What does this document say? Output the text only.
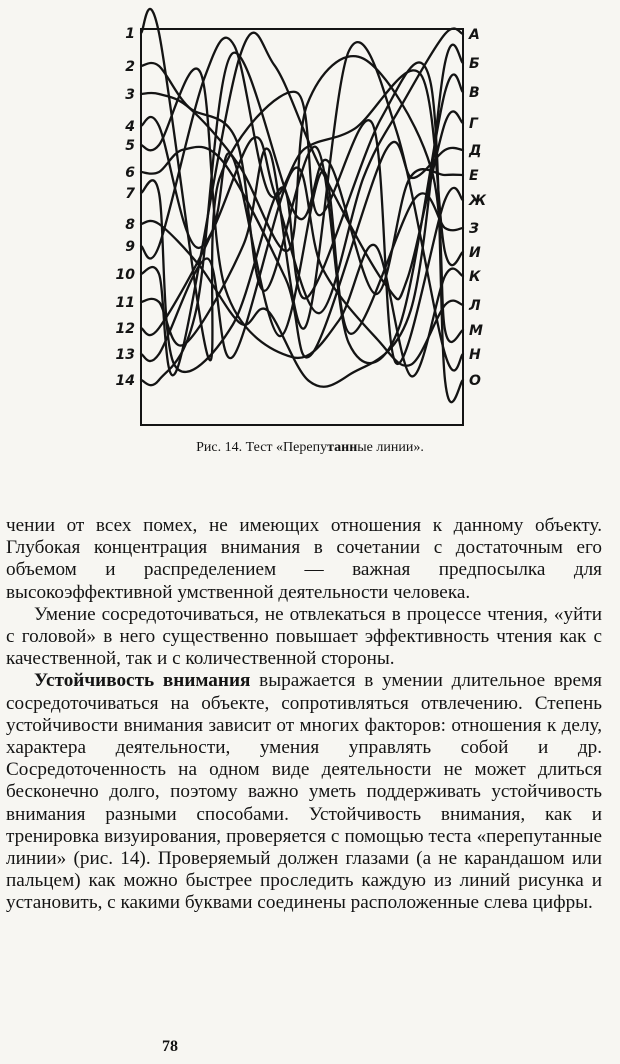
1
2
3
4
5
6
7
8
9
10
11
12
13
14
А
Б
В
Г
Д
Е
Ж
З
И
К
Л
М
Н
О
Рис. 14. Тест «Перепутанные линии».

чении от всех помех, не имеющих отношения к данному объекту. Глубокая концентрация внимания в сочетании с достаточным его объемом и распределением — важная предпосылка для высокоэффективной умственной деятельности человека.

Умение сосредоточиваться, не отвлекаться в процессе чтения, «уйти с головой» в него существенно повышает эффективность чтения как с качественной, так и с количественной стороны.

Устойчивость внимания выражается в умении длительное время сосредоточиваться на объекте, сопротивляться отвлечению. Степень устойчивости внимания зависит от многих факторов: отношения к делу, характера деятельности, умения управлять собой и др. Сосредоточенность на одном виде деятельности не может длиться бесконечно долго, поэтому важно уметь поддерживать устойчивость внимания разными способами. Устойчивость внимания, как и тренировка визуирования, проверяется с помощью теста «перепутанные линии» (рис. 14). Проверяемый должен глазами (а не карандашом или пальцем) как можно быстрее проследить каждую из линий рисунка и установить, с какими буквами соединены расположенные слева цифры.

78
